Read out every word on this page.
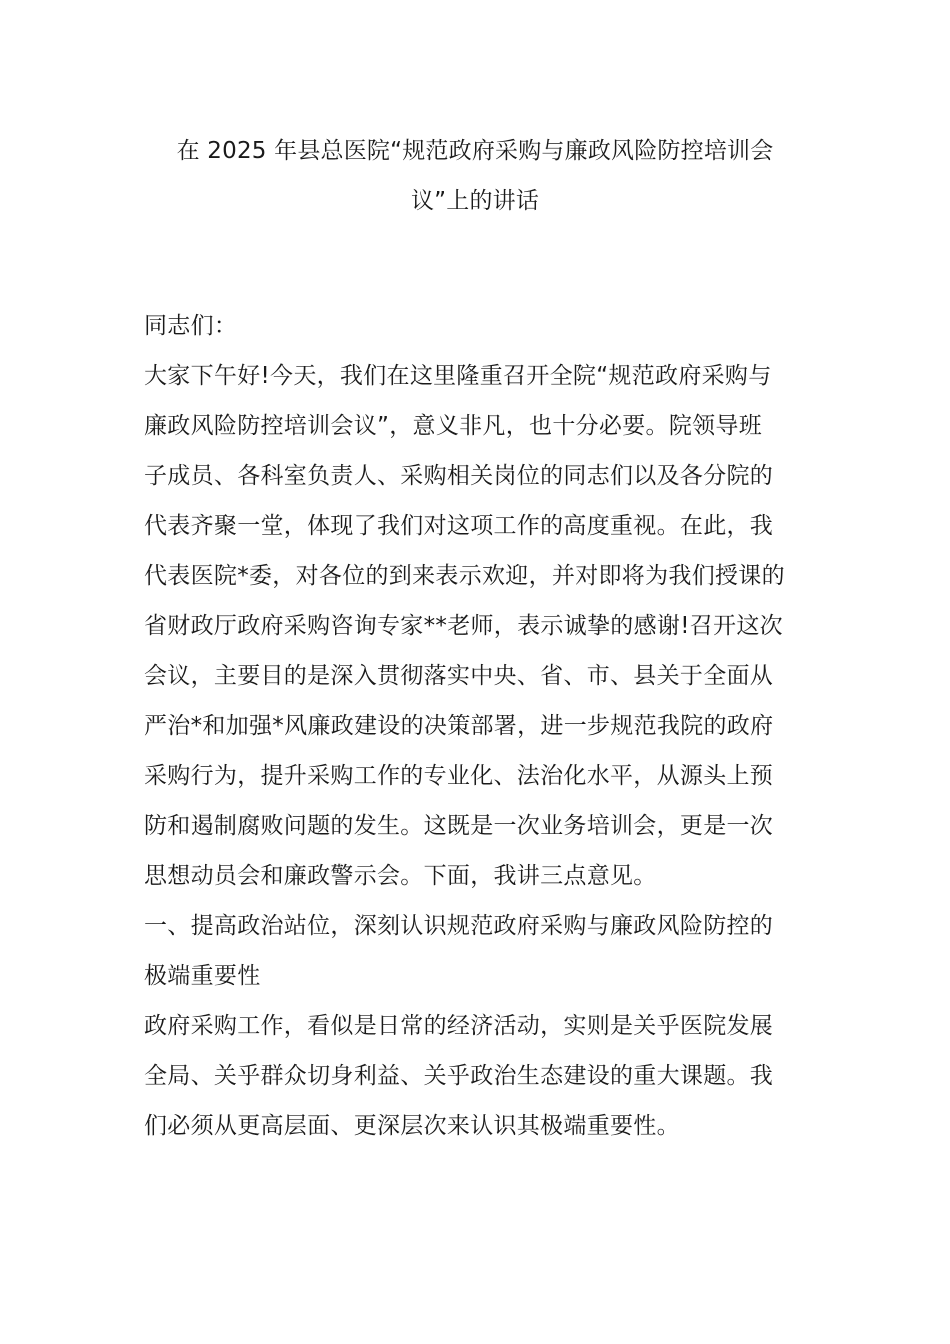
在 2025 年县总医院“规范政府采购与廉政风险防控培训会
议”上的讲话
同志们：
大家下午好!今天，我们在这里隆重召开全院“规范政府采购与
廉政风险防控培训会议”，意义非凡，也十分必要。院领导班
子成员、各科室负责人、采购相关岗位的同志们以及各分院的
代表齐聚一堂，体现了我们对这项工作的高度重视。在此，我
代表医院*委，对各位的到来表示欢迎，并对即将为我们授课的
省财政厅政府采购咨询专家**老师，表示诚挚的感谢!召开这次
会议，主要目的是深入贯彻落实中央、省、市、县关于全面从
严治*和加强*风廉政建设的决策部署，进一步规范我院的政府
采购行为，提升采购工作的专业化、法治化水平，从源头上预
防和遏制腐败问题的发生。这既是一次业务培训会，更是一次
思想动员会和廉政警示会。下面，我讲三点意见。
一、提高政治站位，深刻认识规范政府采购与廉政风险防控的
极端重要性
政府采购工作，看似是日常的经济活动，实则是关乎医院发展
全局、关乎群众切身利益、关乎政治生态建设的重大课题。我
们必须从更高层面、更深层次来认识其极端重要性。
